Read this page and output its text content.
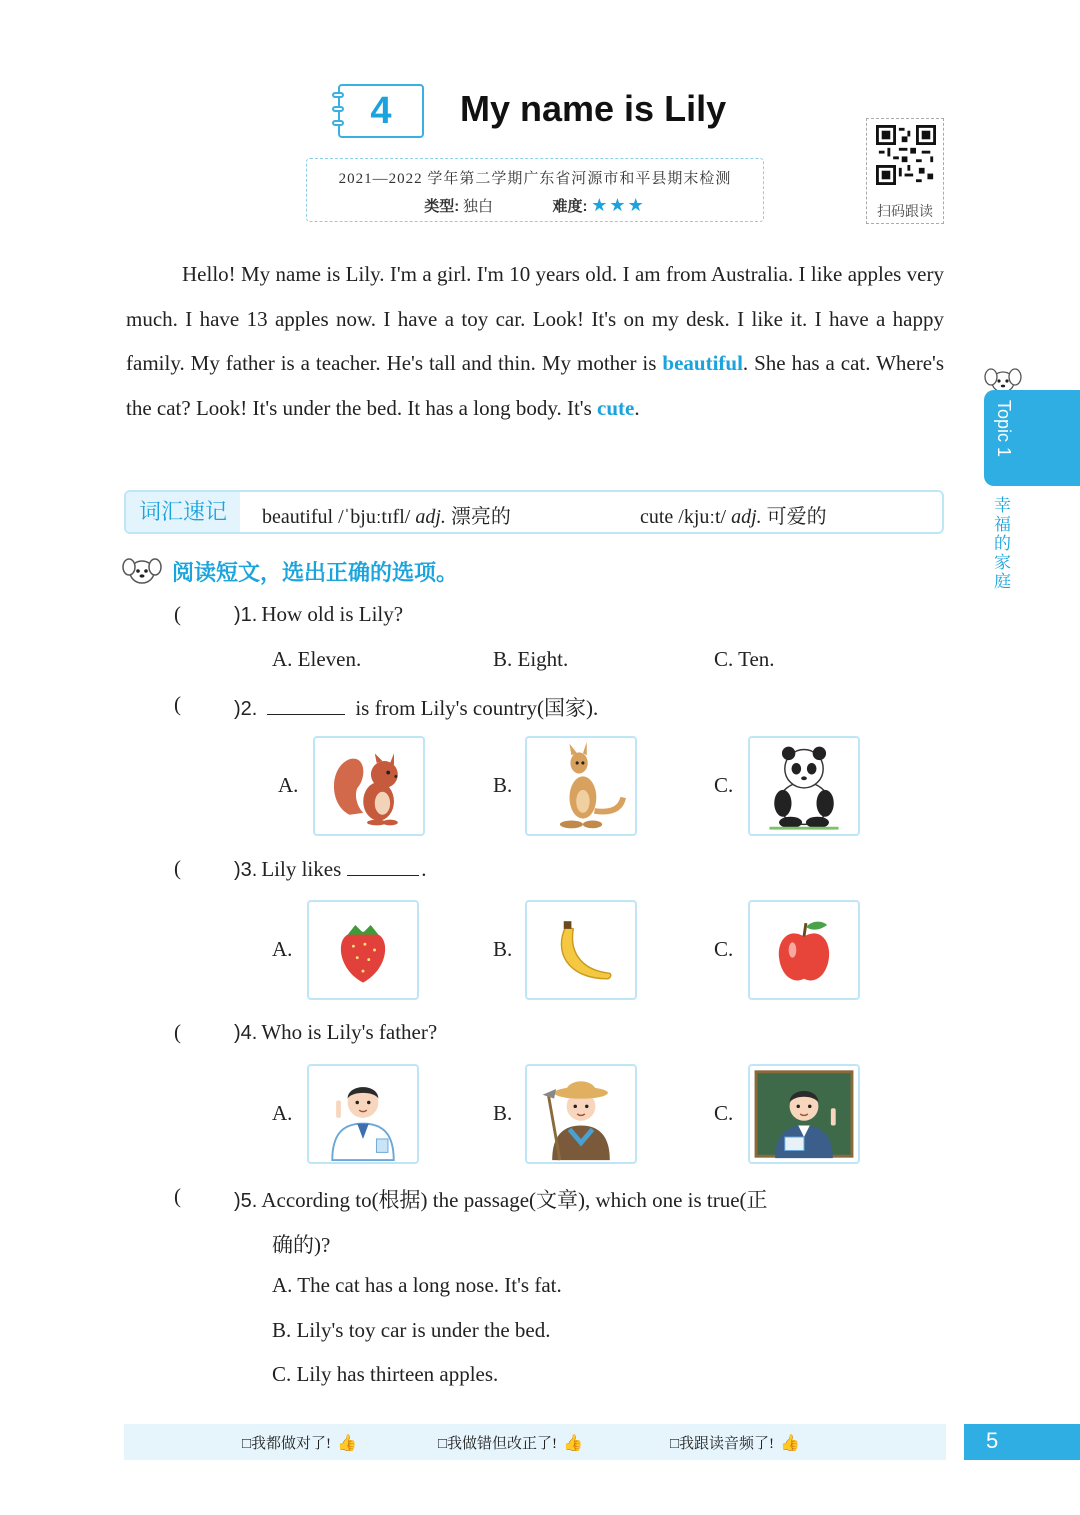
4	My name is Lily
2021—2022 学年第二学期广东省河源市和平县期末检测
类型: 独白	难度: ★★★	扫码跟读

Hello! My name is Lily. I'm a girl. I'm 10 years old. I am from Australia. I like apples very much. I have 13 apples now. I have a toy car. Look! It's on my desk. I like it. I have a happy family. My father is a teacher. He's tall and thin. My mother is beautiful. She has a cat. Where's the cat? Look! It's under the bed. It has a long body. It's cute.

词汇速记	beautiful /ˈbjuːtɪfl/ adj. 漂亮的	cute /kjuːt/ adj. 可爱的
阅读短文，选出正确的选项。
(	)1. How old is Lily?
A. Eleven.	B. Eight.	C. Ten.
(	)2.	is from Lily's country(国家).
A.	B.	C.
(	)3. Lily likes	.
A.	B.	C.
(	)4. Who is Lily's father?
A.	B.	C.
(	)5. According to(根据) the passage(文章), which one is true(正
确的)?
A. The cat has a long nose. It's fat.
B. Lily's toy car is under the bed.
C. Lily has thirteen apples.
Topic 1
幸福的家庭
□我都做对了! 👍	□我做错但改正了! 👍	□我跟读音频了! 👍	5
